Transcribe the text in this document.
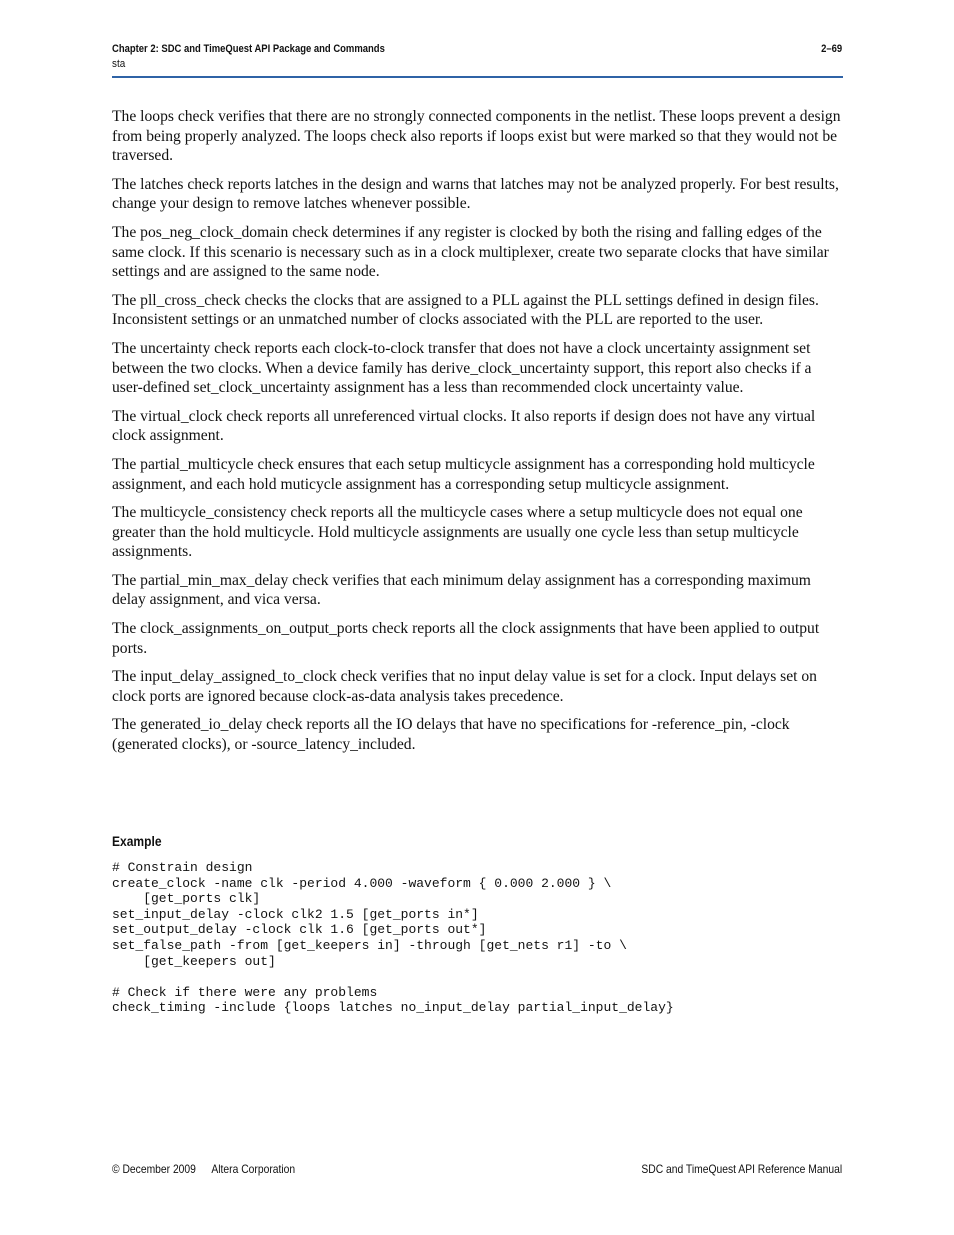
Chapter 2: SDC and TimeQuest API Package and Commands	2–69
sta

The loops check verifies that there are no strongly connected components in the netlist. These loops prevent a design from being properly analyzed. The loops check also reports if loops exist but were marked so that they would not be traversed.

The latches check reports latches in the design and warns that latches may not be analyzed properly. For best results, change your design to remove latches whenever possible.

The pos_neg_clock_domain check determines if any register is clocked by both the rising and falling edges of the same clock. If this scenario is necessary such as in a clock multiplexer, create two separate clocks that have similar settings and are assigned to the same node.

The pll_cross_check checks the clocks that are assigned to a PLL against the PLL settings defined in design files. Inconsistent settings or an unmatched number of clocks associated with the PLL are reported to the user.

The uncertainty check reports each clock-to-clock transfer that does not have a clock uncertainty assignment set between the two clocks. When a device family has derive_clock_uncertainty support, this report also checks if a user-defined set_clock_uncertainty assignment has a less than recommended clock uncertainty value.

The virtual_clock check reports all unreferenced virtual clocks. It also reports if design does not have any virtual clock assignment.

The partial_multicycle check ensures that each setup multicycle assignment has a corresponding hold multicycle assignment, and each hold muticycle assignment has a corresponding setup multicycle assignment.

The multicycle_consistency check reports all the multicycle cases where a setup multicycle does not equal one greater than the hold multicycle. Hold multicycle assignments are usually one cycle less than setup multicycle assignments.

The partial_min_max_delay check verifies that each minimum delay assignment has a corresponding maximum delay assignment, and vica versa.

The clock_assignments_on_output_ports check reports all the clock assignments that have been applied to output ports.

The input_delay_assigned_to_clock check verifies that no input delay value is set for a clock. Input delays set on clock ports are ignored because clock-as-data analysis takes precedence.

The generated_io_delay check reports all the IO delays that have no specifications for -reference_pin, -clock (generated clocks), or -source_latency_included.

Example
# Constrain design
create_clock -name clk -period 4.000 -waveform { 0.000 2.000 } \
[get_ports clk]
set_input_delay -clock clk2 1.5 [get_ports in*]
set_output_delay -clock clk 1.6 [get_ports out*]
set_false_path -from [get_keepers in] -through [get_nets r1] -to \
[get_keepers out]

# Check if there were any problems
check_timing -include {loops latches no_input_delay partial_input_delay}
© December 2009 Altera Corporation	SDC and TimeQuest API Reference Manual
